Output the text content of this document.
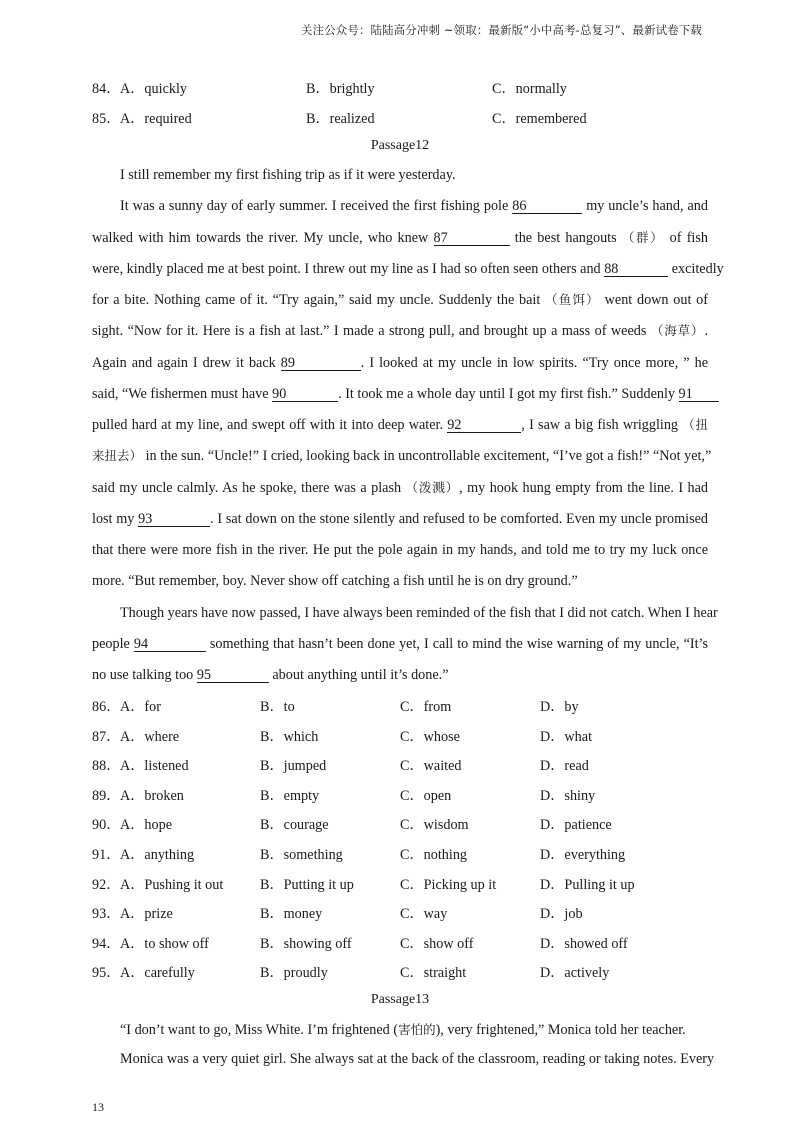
关注公众号：陆陆高分冲刺 ~领取：最新版“小中高考-总复习”、最新试卷下载
84． A．quickly	B．brightly	C．normally
85． A．required	B．realized	C．remembered
Passage12
I still remember my first fishing trip as if it were yesterday.
It was a sunny day of early summer. I received the first fishing pole 86	my uncle’s hand, and
walked with him towards the river. My uncle, who knew 87	the best hangouts （群） of fish
were, kindly placed me at best point. I threw out my line as I had so often seen others and 88	excitedly
for a bite. Nothing came of it. “Try again,” said my uncle. Suddenly the bait （鱼饵） went down out of
sight. “Now for it. Here is a fish at last.” I made a strong pull, and brought up a mass of weeds （海草）.
Again and again I drew it back 89	. I looked at my uncle in low spirits. “Try once more, ” he
said, “We fishermen must have 90	. It took me a whole day until I got my first fish.” Suddenly 91
pulled hard at my line, and swept off with it into deep water. 92	, I saw a big fish wriggling （扭
来扭去） in the sun. “Uncle!” I cried, looking back in uncontrollable excitement, “I’ve got a fish!” “Not yet,”
said my uncle calmly. As he spoke, there was a plash （泼溅）, my hook hung empty from the line. I had
lost my 93	. I sat down on the stone silently and refused to be comforted. Even my uncle promised
that there were more fish in the river. He put the pole again in my hands, and told me to try my luck once
more. “But remember, boy. Never show off catching a fish until he is on dry ground.”
Though years have now passed, I have always been reminded of the fish that I did not catch. When I hear
people 94	something that hasn’t been done yet, I call to mind the wise warning of my uncle, “It’s
no use talking too 95	about anything until it’s done.”
86． A．for	B．to	C．from	D．by
87． A．where	B．which	C．whose	D．what
88． A．listened	B．jumped	C．waited	D．read
89． A．broken	B．empty	C．open	D．shiny
90． A．hope	B．courage	C．wisdom	D．patience
91． A．anything	B．something	C．nothing	D．everything
92． A．Pushing it out	B．Putting it up	C．Picking up it	D．Pulling it up
93． A．prize	B．money	C．way	D．job
94． A．to show off	B．showing off	C．show off	D．showed off
95． A．carefully	B．proudly	C．straight	D．actively
Passage13
“I don’t want to go, Miss White. I’m frightened (害怕的), very frightened,” Monica told her teacher.
Monica was a very quiet girl. She always sat at the back of the classroom, reading or taking notes. Every
13
